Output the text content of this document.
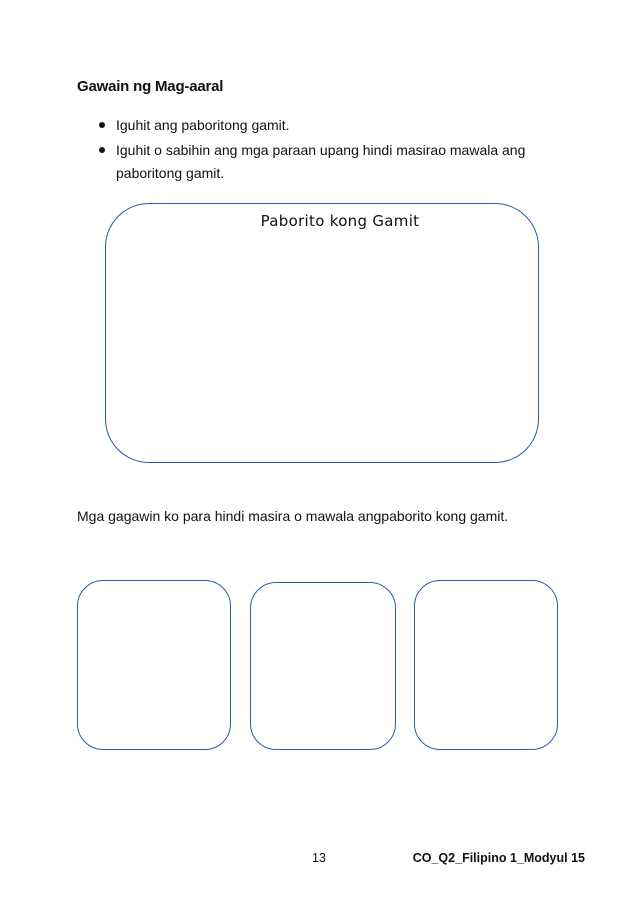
Gawain ng Mag-aaral
Iguhit ang paboritong gamit.
Iguhit o sabihin ang mga paraan upang hindi masirao mawala ang paboritong gamit.
Paborito kong Gamit
Mga gagawin ko para hindi masira o mawala angpaborito kong gamit.
13	CO_Q2_Filipino 1_Modyul 15
